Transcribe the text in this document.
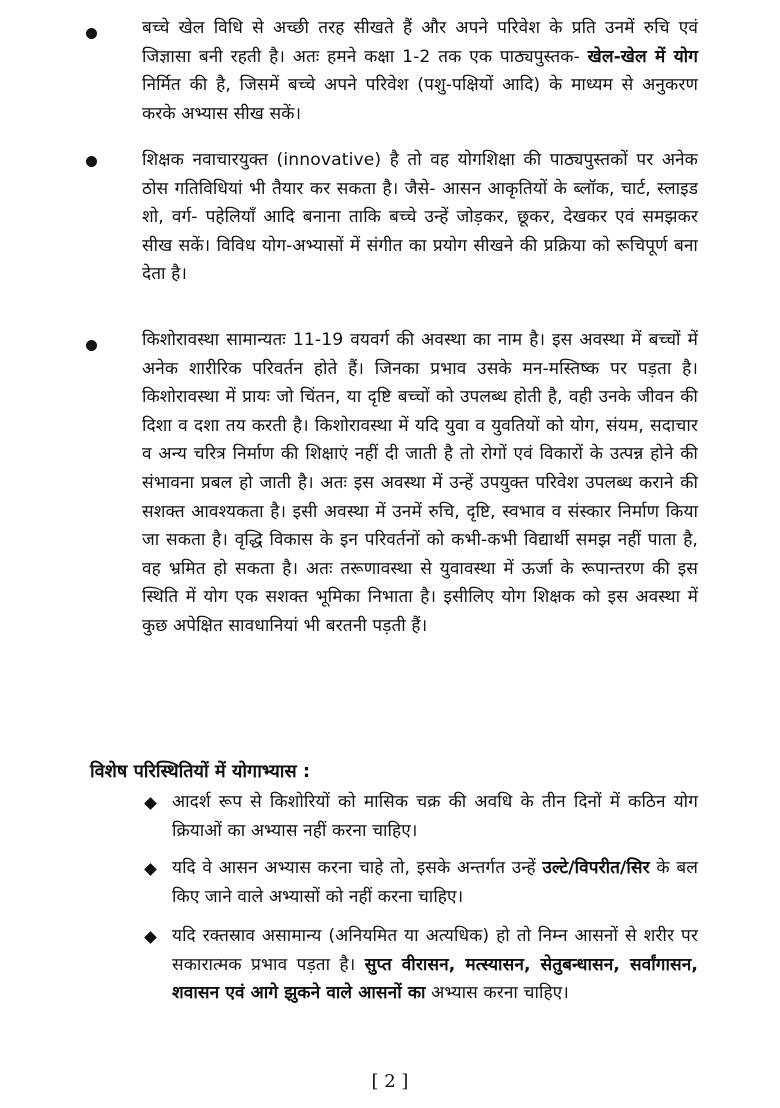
बच्चे खेल विधि से अच्छी तरह सीखते हैं और अपने परिवेश के प्रति उनमें रुचि एवं जिज्ञासा बनी रहती है। अतः हमने कक्षा 1-2 तक एक पाठ्यपुस्तक- खेल-खेल में योग निर्मित की है, जिसमें बच्चे अपने परिवेश (पशु-पक्षियों आदि) के माध्यम से अनुकरण करके अभ्यास सीख सकें।

शिक्षक नवाचारयुक्त (innovative) है तो वह योगशिक्षा की पाठ्यपुस्तकों पर अनेक ठोस गतिविधियां भी तैयार कर सकता है। जैसे- आसन आकृतियों के ब्लॉक, चार्ट, स्लाइड शो, वर्ग- पहेलियाँ आदि बनाना ताकि बच्चे उन्हें जोड़कर, छूकर, देखकर एवं समझकर सीख सकें। विविध योग-अभ्यासों में संगीत का प्रयोग सीखने की प्रक्रिया को रूचिपूर्ण बना देता है।

किशोरावस्था सामान्यतः 11-19 वयवर्ग की अवस्था का नाम है। इस अवस्था में बच्चों में अनेक शारीरिक परिवर्तन होते हैं। जिनका प्रभाव उसके मन-मस्तिष्क पर पड़ता है। किशोरावस्था में प्रायः जो चिंतन, या दृष्टि बच्चों को उपलब्ध होती है, वही उनके जीवन की दिशा व दशा तय करती है। किशोरावस्था में यदि युवा व युवतियों को योग, संयम, सदाचार व अन्य चरित्र निर्माण की शिक्षाएं नहीं दी जाती है तो रोगों एवं विकारों के उत्पन्न होने की संभावना प्रबल हो जाती है। अतः इस अवस्था में उन्हें उपयुक्त परिवेश उपलब्ध कराने की सशक्त आवश्यकता है। इसी अवस्था में उनमें रुचि, दृष्टि, स्वभाव व संस्कार निर्माण किया जा सकता है। वृद्धि विकास के इन परिवर्तनों को कभी-कभी विद्यार्थी समझ नहीं पाता है, वह भ्रमित हो सकता है। अतः तरूणावस्था से युवावस्था में ऊर्जा के रूपान्तरण की इस स्थिति में योग एक सशक्त भूमिका निभाता है। इसीलिए योग शिक्षक को इस अवस्था में कुछ अपेक्षित सावधानियां भी बरतनी पड़ती हैं।

विशेष परिस्थितियों में योगाभ्यास :

आदर्श रूप से किशोरियों को मासिक चक्र की अवधि के तीन दिनों में कठिन योग क्रियाओं का अभ्यास नहीं करना चाहिए।

यदि वे आसन अभ्यास करना चाहे तो, इसके अन्तर्गत उन्हें उल्टे/विपरीत/सिर के बल किए जाने वाले अभ्यासों को नहीं करना चाहिए।

यदि रक्तस्राव असामान्य (अनियमित या अत्यधिक) हो तो निम्न आसनों से शरीर पर सकारात्मक प्रभाव पड़ता है। सुप्त वीरासन, मत्स्यासन, सेतुबन्धासन, सर्वांगासन, शवासन एवं आगे झुकने वाले आसनों का अभ्यास करना चाहिए।

[ 2 ]
